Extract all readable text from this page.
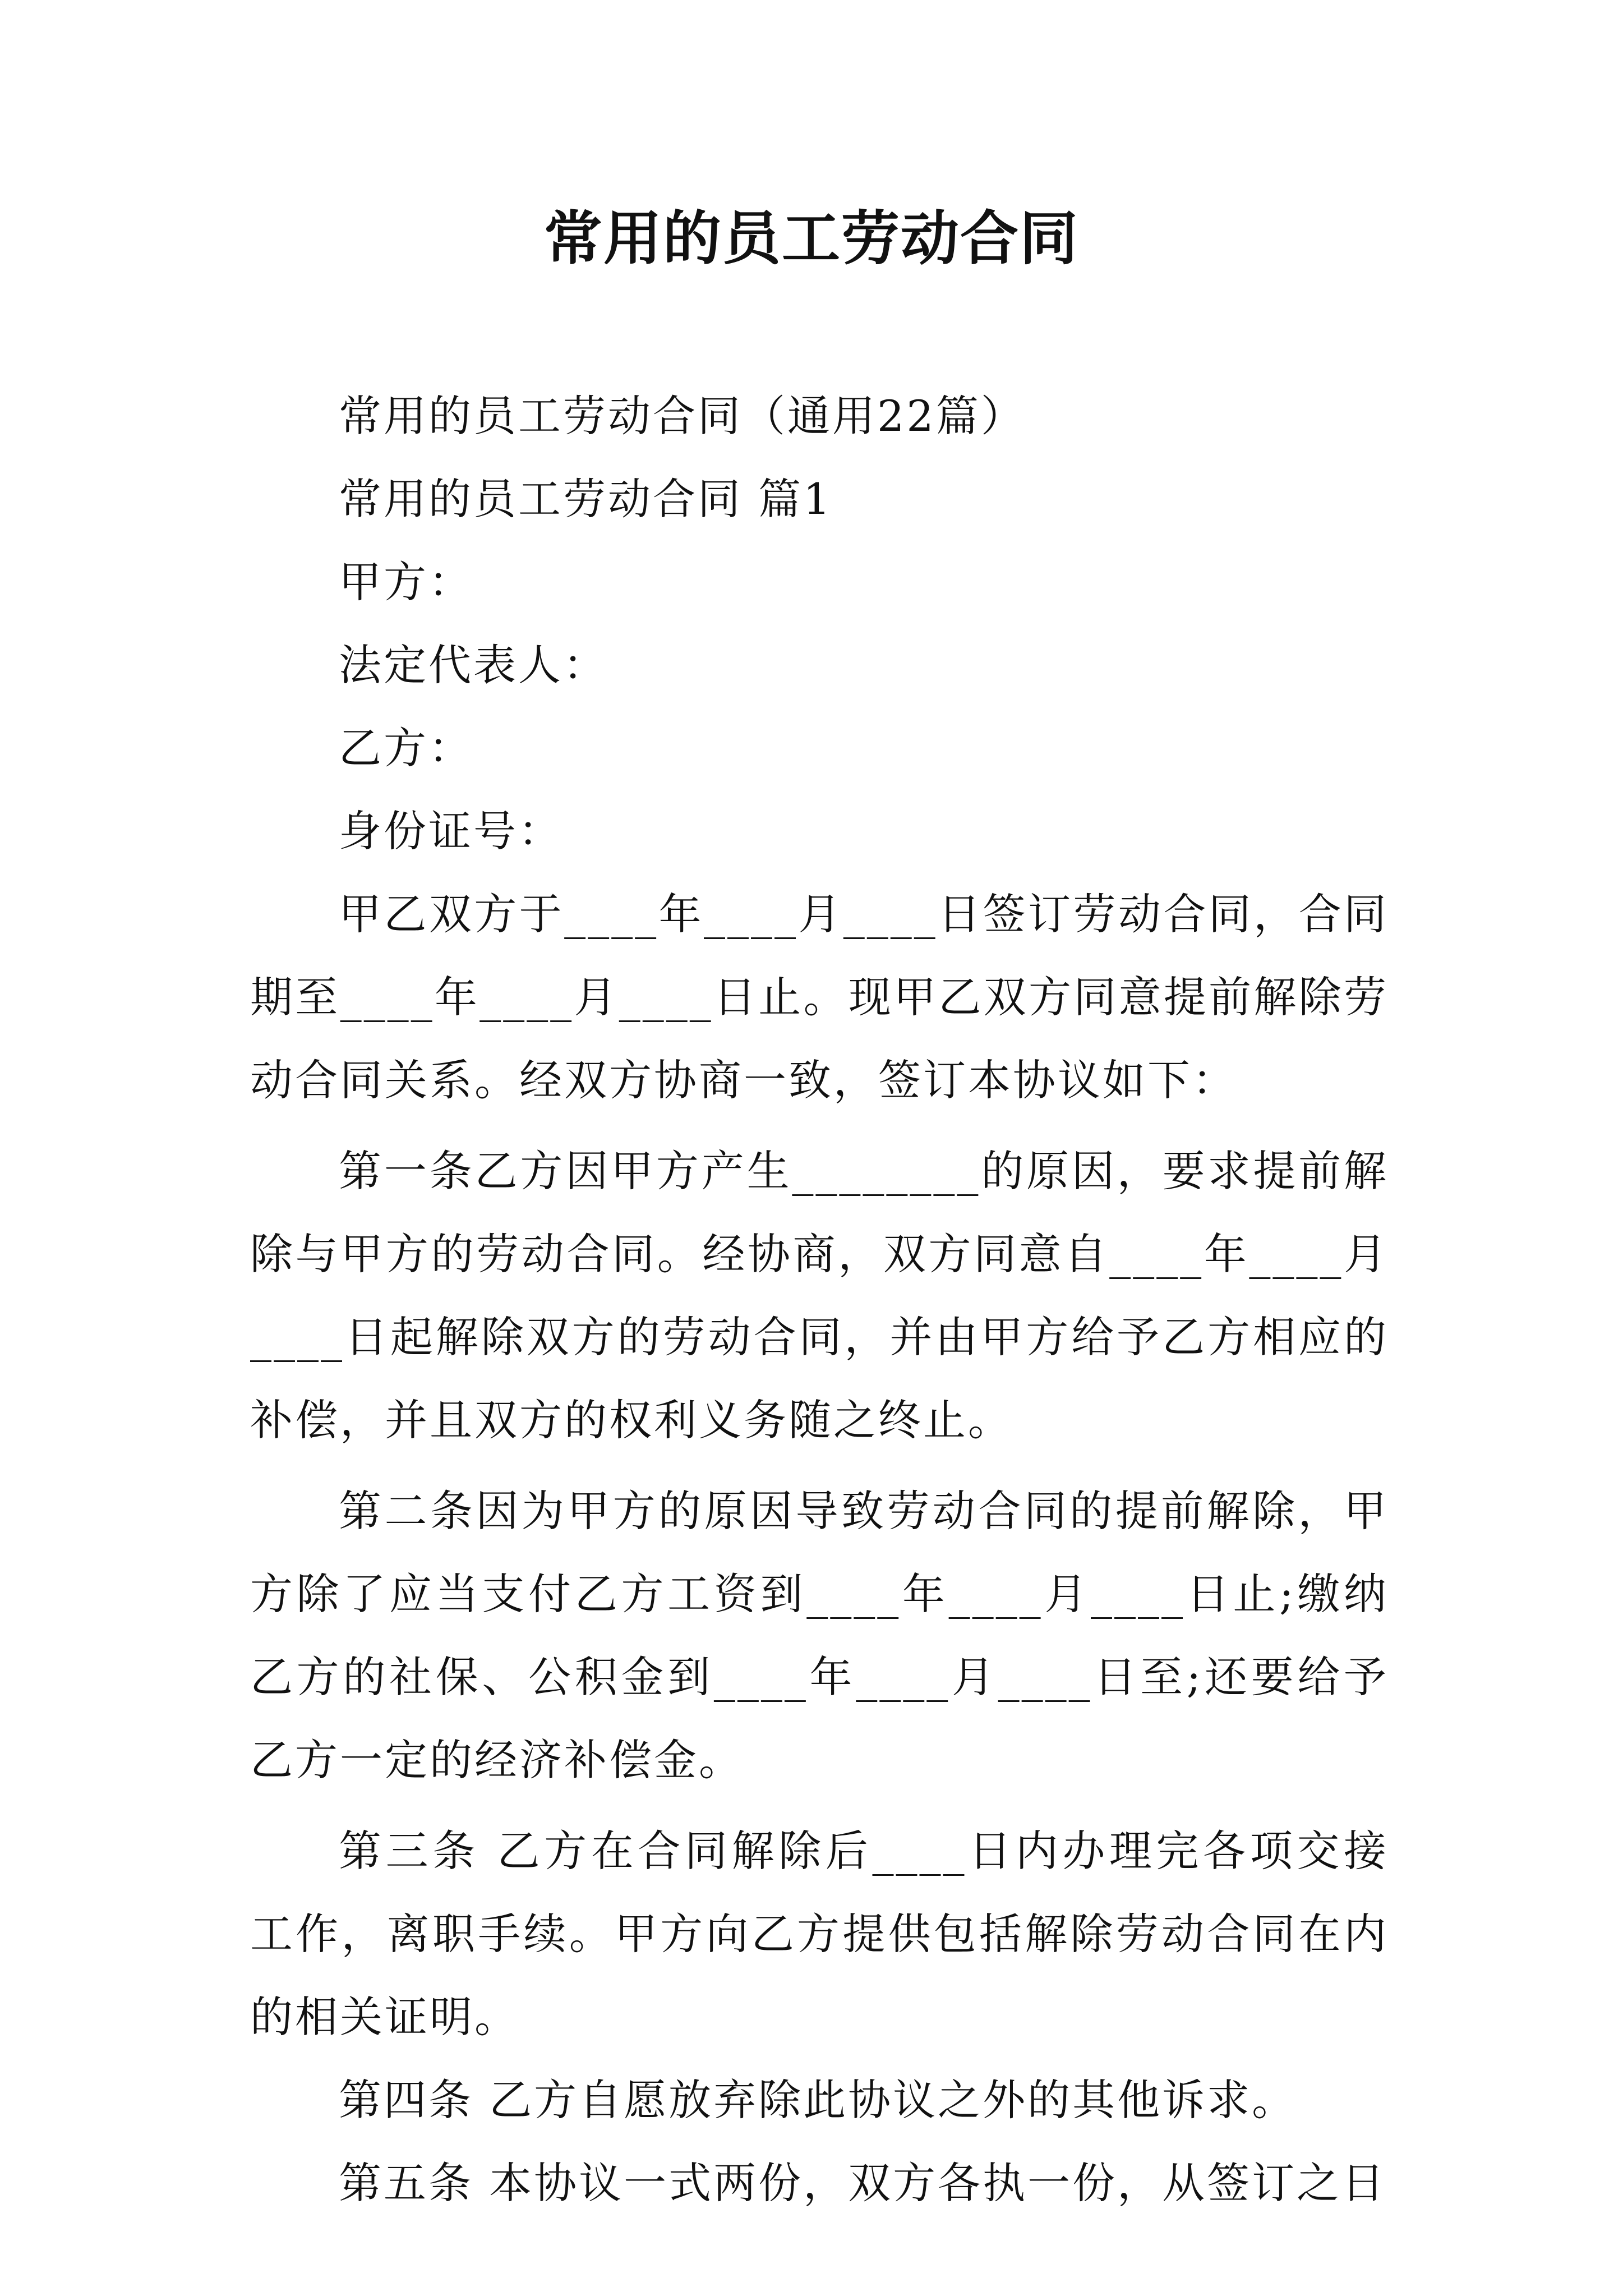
常用的员工劳动合同

常用的员工劳动合同（通用22篇）

常用的员工劳动合同 篇1

甲方：

法定代表人：

乙方：

身份证号：

甲乙双方于____年____月____日签订劳动合同，合同期至____年____月____日止。现甲乙双方同意提前解除劳动合同关系。经双方协商一致，签订本协议如下：

第一条乙方因甲方产生________的原因，要求提前解除与甲方的劳动合同。经协商，双方同意自____年____月____日起解除双方的劳动合同，并由甲方给予乙方相应的补偿，并且双方的权利义务随之终止。

第二条因为甲方的原因导致劳动合同的提前解除，甲方除了应当支付乙方工资到____年____月____日止;缴纳乙方的社保、公积金到____年____月____日至;还要给予乙方一定的经济补偿金。

第三条 乙方在合同解除后____日内办理完各项交接工作，离职手续。甲方向乙方提供包括解除劳动合同在内的相关证明。

第四条 乙方自愿放弃除此协议之外的其他诉求。

第五条 本协议一式两份，双方各执一份，从签订之日
